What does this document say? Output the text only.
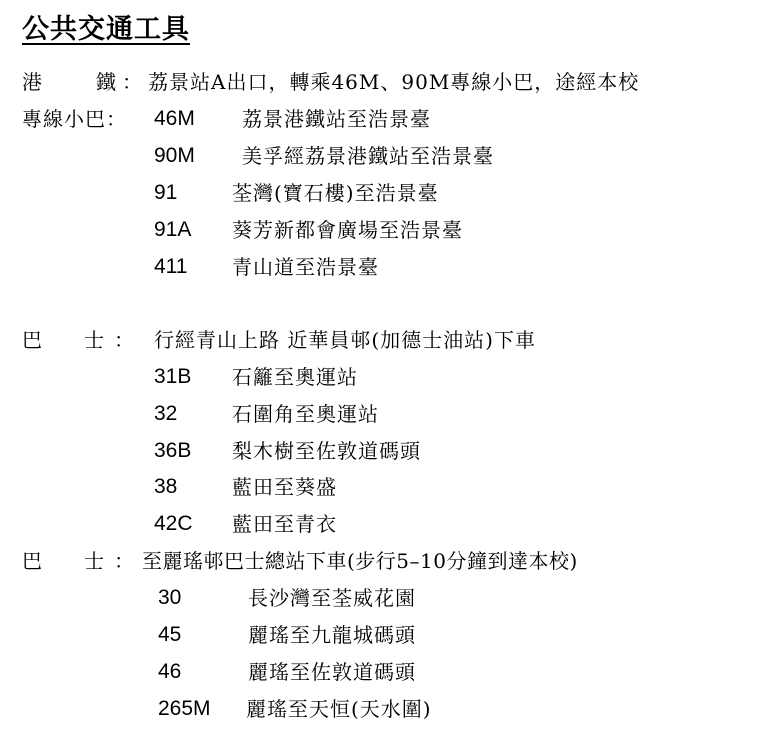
公共交通工具
港	鐵 ： 荔景站A出口，轉乘46M、90M專線小巴，途經本校
專線小巴： 46M 荔景港鐵站至浩景臺
90M 美孚經荔景港鐵站至浩景臺
91	荃灣(寶石樓)至浩景臺
91A 葵芳新都會廣場至浩景臺
411 青山道至浩景臺
巴 士 ： 行經青山上路 近華員邨(加德士油站)下車
31B 石籬至奧運站
32	石圍角至奧運站
36B 梨木樹至佐敦道碼頭
38	藍田至葵盛
42C 藍田至青衣
巴 士 ： 至麗瑤邨巴士總站下車(步行5–10分鐘到達本校)
30	長沙灣至荃威花園
45	麗瑤至九龍城碼頭
46	麗瑤至佐敦道碼頭
265M 麗瑤至天恒(天水圍)
